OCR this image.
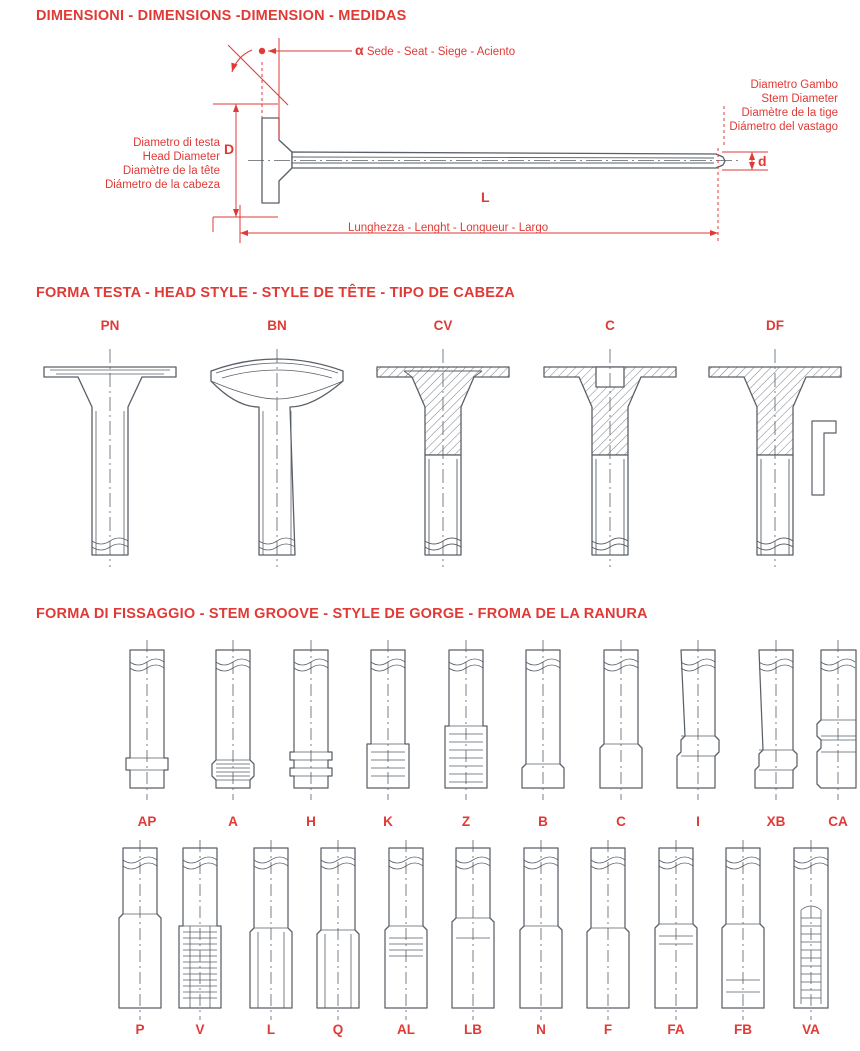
DIMENSIONI - DIMENSIONS -DIMENSION - MEDIDAS
FORMA TESTA - HEAD STYLE - STYLE DE TÊTE - TIPO DE CABEZA
FORMA DI FISSAGGIO - STEM GROOVE - STYLE DE GORGE - FROMA DE LA RANURA
α Sede - Seat - Siege - Aciento
Diametro di testa
Head Diameter
Diamètre de la tête
Diámetro de la cabeza
Diametro Gambo
Stem Diameter
Diamètre de la tige
Diámetro del vastago
Lunghezza - Lenght - Longueur - Largo
D
d
L
PN	BN	CV	C	DF
AP	A	H	K	Z	B	C	I	XB	CA
P	V	L	Q	AL	LB	N	F	FA	FB	VA
